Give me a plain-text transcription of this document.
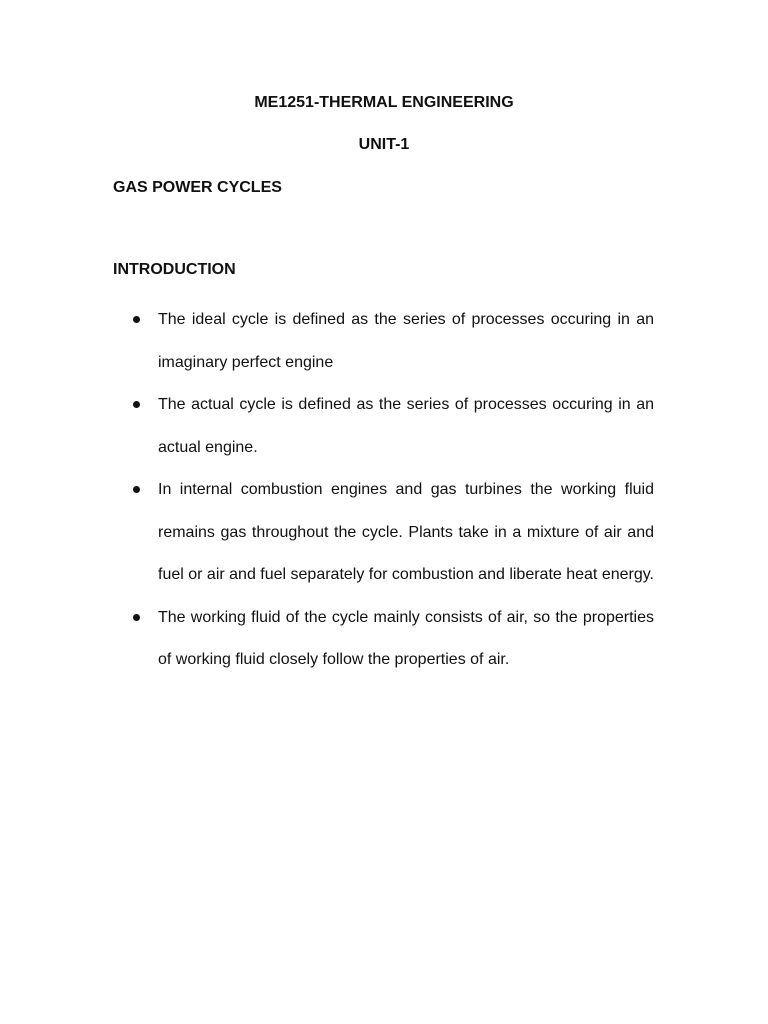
ME1251-THERMAL ENGINEERING
UNIT-1
GAS POWER CYCLES
INTRODUCTION
The ideal cycle is defined as the series of processes occuring in an imaginary perfect engine
The actual cycle is defined as the series of processes occuring in an actual engine.
In internal combustion engines and gas turbines the working fluid remains gas throughout the cycle. Plants take in a mixture of air and fuel or air and fuel separately for combustion and liberate heat energy.
The working fluid of the cycle mainly consists of air, so the properties of working fluid closely follow the properties of air.
